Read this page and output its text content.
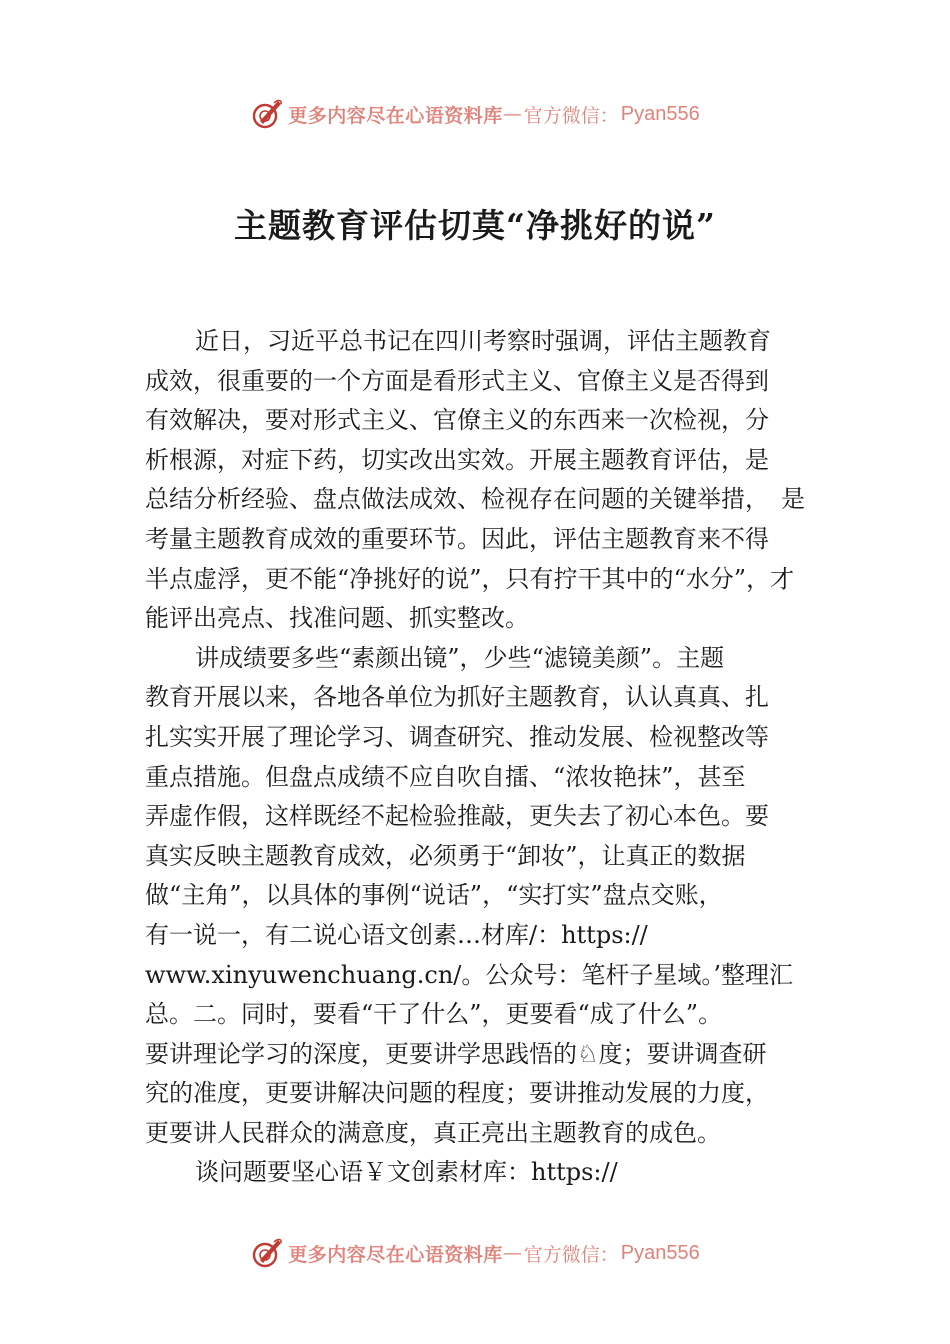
更多内容尽在心语资料库 — 官方微信： Pyan556
主题教育评估切莫“净挑好的说”
近日，习近平总书记在四川考察时强调，评估主题教育
成效，很重要的一个方面是看形式主义、官僚主义是否得到
有效解决，要对形式主义、官僚主义的东西来一次检视，分
析根源，对症下药，切实改出实效。开展主题教育评估，是
总结分析经验、盘点做法成效、检视存在问题的关键举措，　是
考量主题教育成效的重要环节。因此，评估主题教育来不得
半点虚浮，更不能“净挑好的说”，只有拧干其中的“水分”，才
能评出亮点、找准问题、抓实整改。
讲成绩要多些“素颜出镜”，少些“滤镜美颜”。主题
教育开展以来，各地各单位为抓好主题教育，认认真真、扎
扎实实开展了理论学习、调查研究、推动发展、检视整改等
重点措施。但盘点成绩不应自吹自擂、“浓妆艳抹”，甚至
弄虚作假，这样既经不起检验推敲，更失去了初心本色。要
真实反映主题教育成效，必须勇于“卸妆”，让真正的数据
做“主角”，以具体的事例“说话”，“实打实”盘点交账，
有一说一，有二说心语文创素…材库/：https://
www.xinyuwenchuang.cn/。公众号：笔杆子星域。’整理汇
总。二。同时，要看“干了什么”，更要看“成了什么”。
要讲理论学习的深度，更要讲学思践悟的♘度；要讲调查研
究的准度，更要讲解决问题的程度；要讲推动发展的力度，
更要讲人民群众的满意度，真正亮出主题教育的成色。
谈问题要坚心语￥文创素材库：https://
更多内容尽在心语资料库 — 官方微信： Pyan556
